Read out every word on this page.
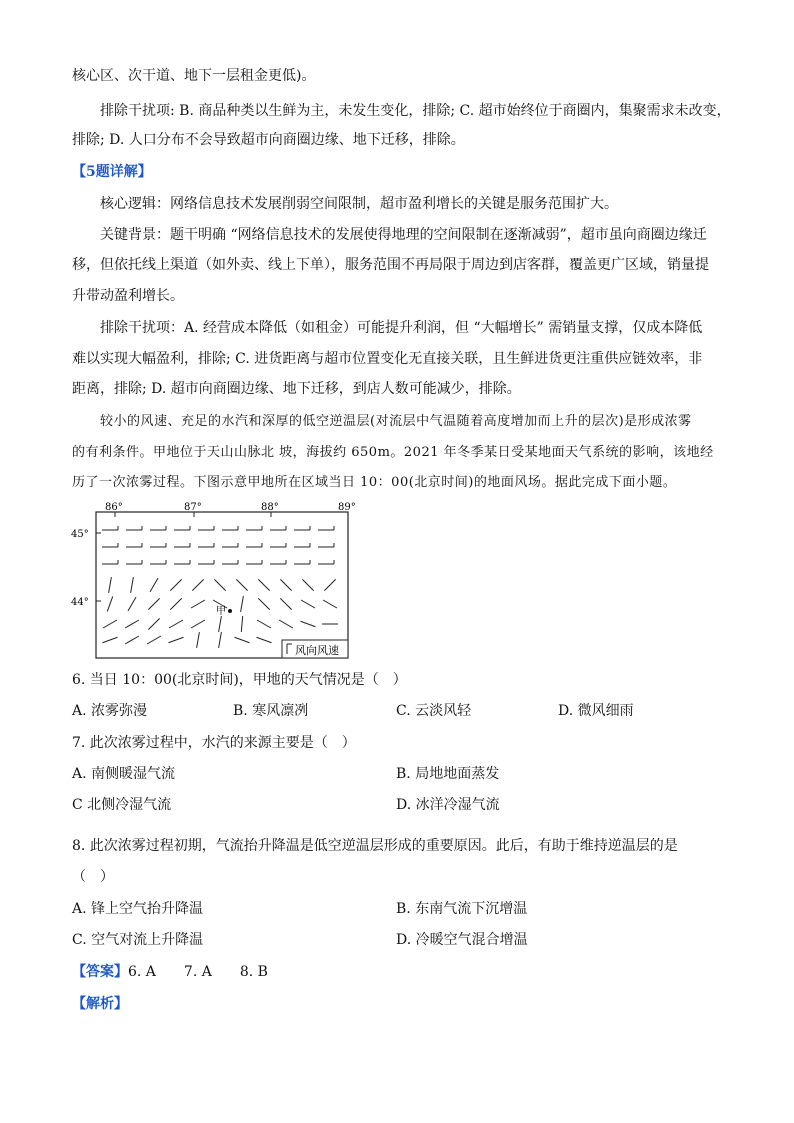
核心区、次干道、地下一层租金更低)。
排除干扰项: B. 商品种类以生鲜为主，未发生变化，排除; C. 超市始终位于商圈内，集聚需求未改变，
排除; D. 人口分布不会导致超市向商圈边缘、地下迁移，排除。
【5题详解】
核心逻辑：网络信息技术发展削弱空间限制，超市盈利增长的关键是服务范围扩大。
关键背景：题干明确 “网络信息技术的发展使得地理的空间限制在逐渐减弱”，超市虽向商圈边缘迁
移，但依托线上渠道（如外卖、线上下单），服务范围不再局限于周边到店客群，覆盖更广区域，销量提
升带动盈利增长。
排除干扰项：A. 经营成本降低（如租金）可能提升利润，但 “大幅增长” 需销量支撑，仅成本降低
难以实现大幅盈利，排除; C. 进货距离与超市位置变化无直接关联，且生鲜进货更注重供应链效率，非
距离，排除; D. 超市向商圈边缘、地下迁移，到店人数可能减少，排除。
较小的风速、充足的水汽和深厚的低空逆温层(对流层中气温随着高度增加而上升的层次)是形成浓雾
的有利条件。甲地位于天山山脉北 坡，海拔约 650m。2021 年冬季某日受某地面天气系统的影响，该地经
历了一次浓雾过程。下图示意甲地所在区域当日 10：00(北京时间)的地面风场。据此完成下面小题。
86°	87°	88°	89°
45°
44°
甲
风向风速
6. 当日 10：00(北京时间)，甲地的天气情况是（　）
A. 浓雾弥漫	B. 寒风凛冽	C. 云淡风轻	D. 微风细雨
7. 此次浓雾过程中，水汽的来源主要是（　）
A. 南侧暖湿气流	B. 局地地面蒸发
C 北侧冷湿气流	D. 冰洋冷湿气流
8. 此次浓雾过程初期，气流抬升降温是低空逆温层形成的重要原因。此后，有助于维持逆温层的是
（　）
A. 锋上空气抬升降温	B. 东南气流下沉增温
C. 空气对流上升降温	D. 冷暖空气混合增温
【答案】6. A　　7. A　　8. B
【解析】
